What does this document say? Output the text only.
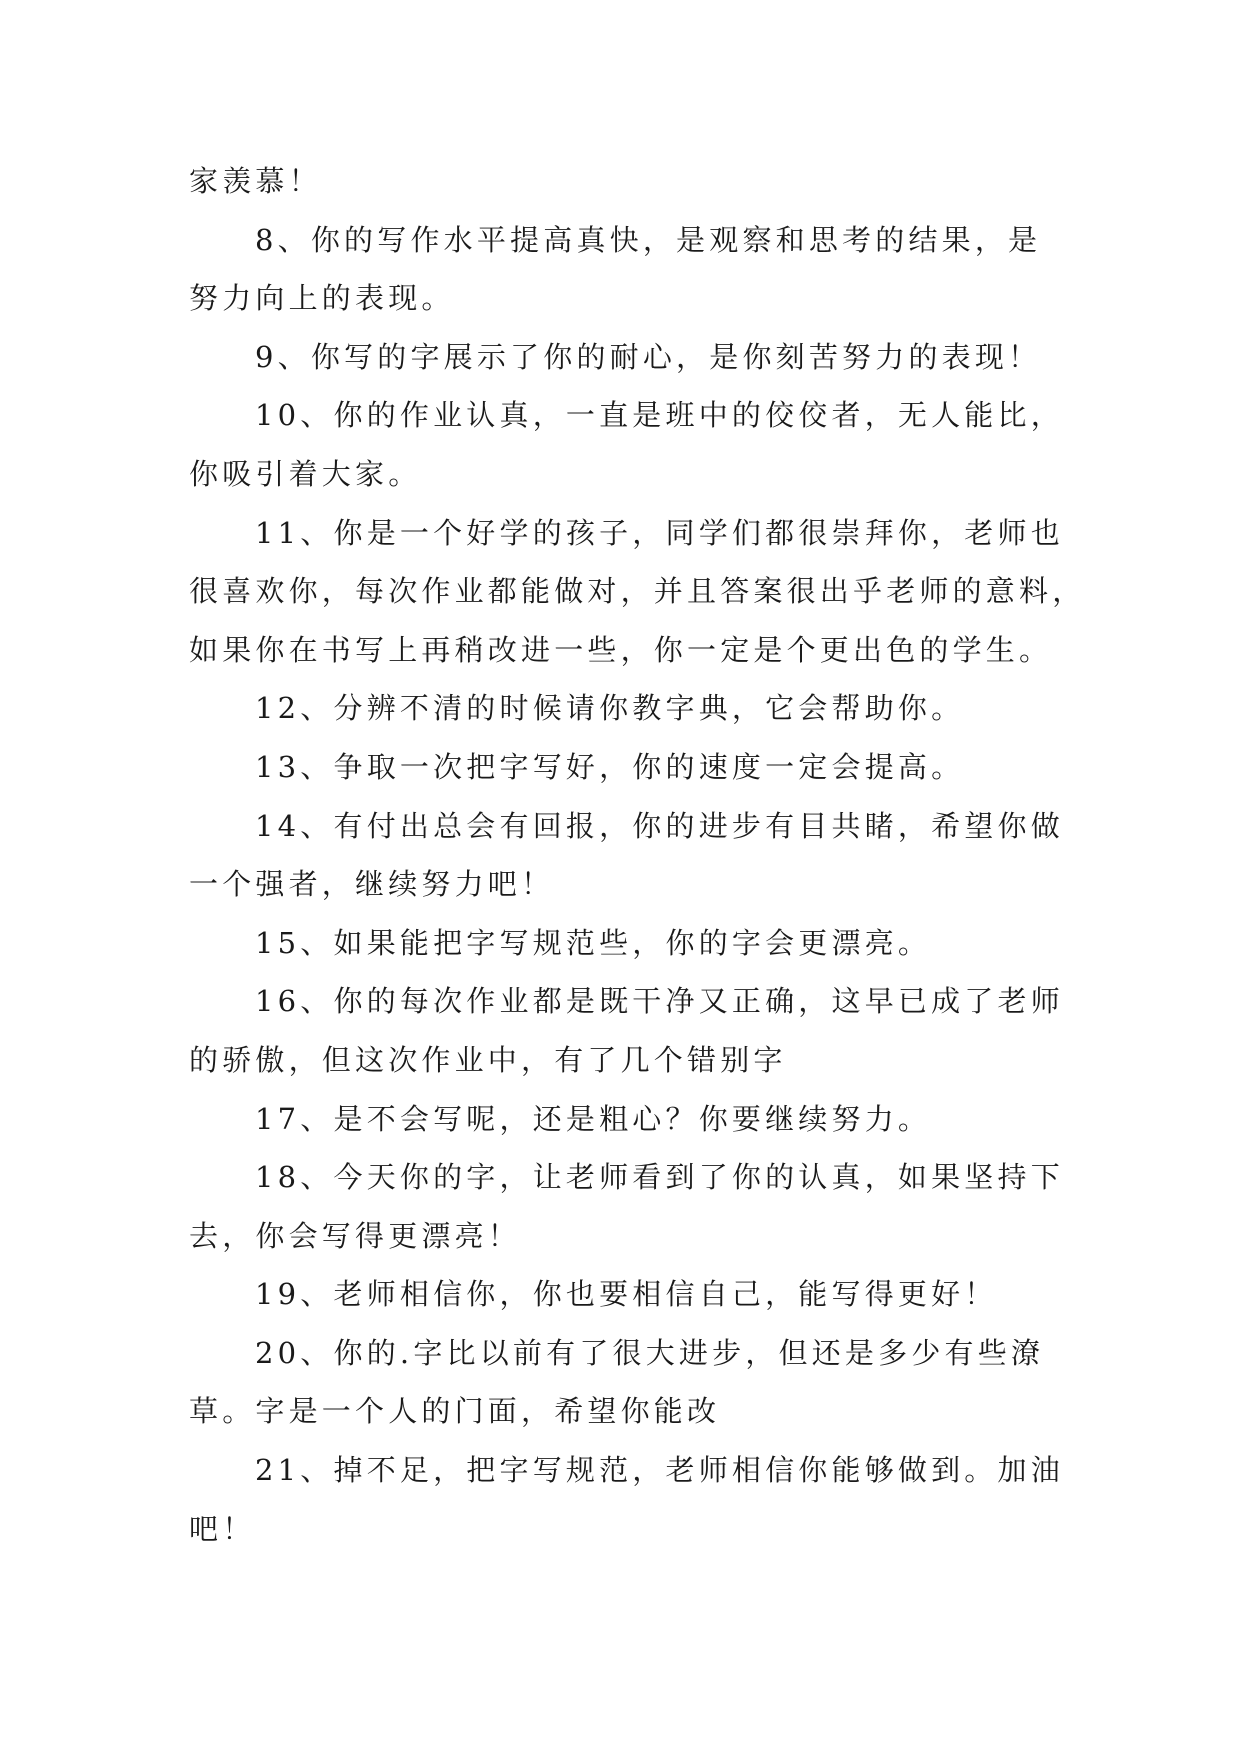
家羡慕！
8、你的写作水平提高真快，是观察和思考的结果，是
努力向上的表现。
9、你写的字展示了你的耐心，是你刻苦努力的表现！
10、你的作业认真，一直是班中的佼佼者，无人能比，
你吸引着大家。
11、你是一个好学的孩子，同学们都很崇拜你，老师也
很喜欢你，每次作业都能做对，并且答案很出乎老师的意料，
如果你在书写上再稍改进一些，你一定是个更出色的学生。
12、分辨不清的时候请你教字典，它会帮助你。
13、争取一次把字写好，你的速度一定会提高。
14、有付出总会有回报，你的进步有目共睹，希望你做
一个强者，继续努力吧！
15、如果能把字写规范些，你的字会更漂亮。
16、你的每次作业都是既干净又正确，这早已成了老师
的骄傲，但这次作业中，有了几个错别字
17、是不会写呢，还是粗心？你要继续努力。
18、今天你的字，让老师看到了你的认真，如果坚持下
去，你会写得更漂亮！
19、老师相信你，你也要相信自己，能写得更好！
20、你的.字比以前有了很大进步，但还是多少有些潦
草。字是一个人的门面，希望你能改
21、掉不足，把字写规范，老师相信你能够做到。加油
吧！
